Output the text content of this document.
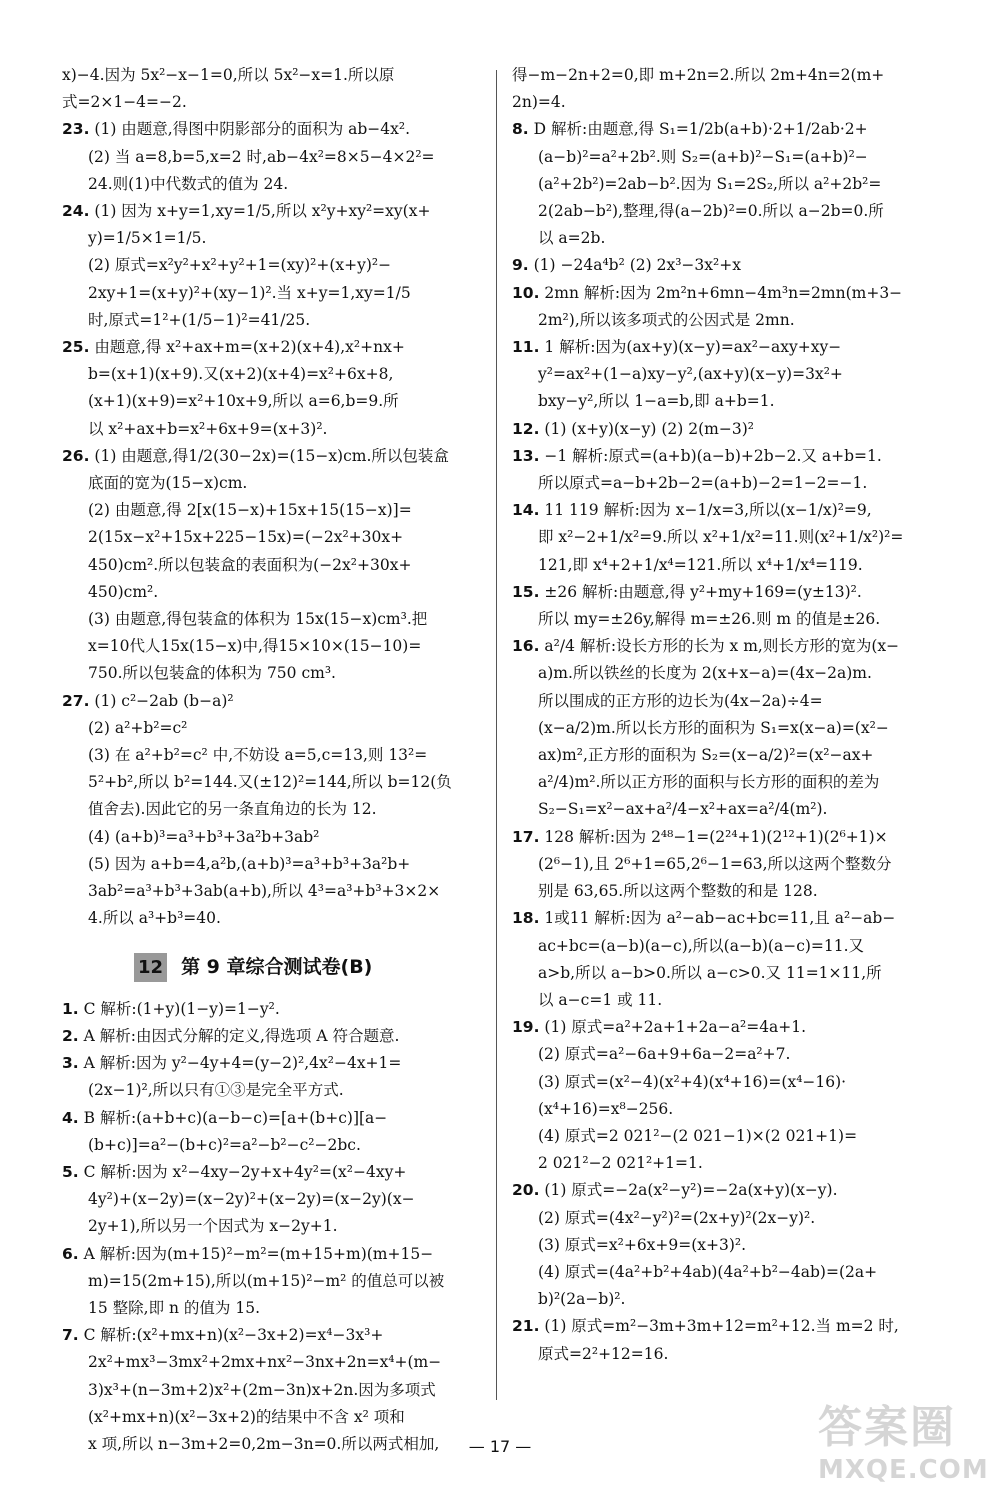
x)−4.因为 5x²−x−1=0,所以 5x²−x=1.所以原
式=2×1−4=−2.
23. (1) 由题意,得图中阴影部分的面积为 ab−4x².
(2) 当 a=8,b=5,x=2 时,ab−4x²=8×5−4×2²=
24.则(1)中代数式的值为 24.
24. (1) 因为 x+y=1,xy=1/5,所以 x²y+xy²=xy(x+
y)=1/5×1=1/5.
(2) 原式=x²y²+x²+y²+1=(xy)²+(x+y)²−
2xy+1=(x+y)²+(xy−1)².当 x+y=1,xy=1/5
时,原式=1²+(1/5−1)²=41/25.
25. 由题意,得 x²+ax+m=(x+2)(x+4),x²+nx+
b=(x+1)(x+9).又(x+2)(x+4)=x²+6x+8,
(x+1)(x+9)=x²+10x+9,所以 a=6,b=9.所
以 x²+ax+b=x²+6x+9=(x+3)².
26. (1) 由题意,得1/2(30−2x)=(15−x)cm.所以包装盒
底面的宽为(15−x)cm.
(2) 由题意,得 2[x(15−x)+15x+15(15−x)]=
2(15x−x²+15x+225−15x)=(−2x²+30x+
450)cm².所以包装盒的表面积为(−2x²+30x+
450)cm².
(3) 由题意,得包装盒的体积为 15x(15−x)cm³.把
x=10代人15x(15−x)中,得15×10×(15−10)=
750.所以包装盒的体积为 750 cm³.
27. (1) c²−2ab (b−a)²
(2) a²+b²=c²
(3) 在 a²+b²=c² 中,不妨设 a=5,c=13,则 13²=
5²+b²,所以 b²=144.又(±12)²=144,所以 b=12(负
值舍去).因此它的另一条直角边的长为 12.
(4) (a+b)³=a³+b³+3a²b+3ab²
(5) 因为 a+b=4,a²b,(a+b)³=a³+b³+3a²b+
3ab²=a³+b³+3ab(a+b),所以 4³=a³+b³+3×2×
4.所以 a³+b³=40.
12 第 9 章综合测试卷(B)
1. C 解析:(1+y)(1−y)=1−y².
2. A 解析:由因式分解的定义,得选项 A 符合题意.
3. A 解析:因为 y²−4y+4=(y−2)²,4x²−4x+1=
(2x−1)²,所以只有①③是完全平方式.
4. B 解析:(a+b+c)(a−b−c)=[a+(b+c)][a−
(b+c)]=a²−(b+c)²=a²−b²−c²−2bc.
5. C 解析:因为 x²−4xy−2y+x+4y²=(x²−4xy+
4y²)+(x−2y)=(x−2y)²+(x−2y)=(x−2y)(x−
2y+1),所以另一个因式为 x−2y+1.
6. A 解析:因为(m+15)²−m²=(m+15+m)(m+15−
m)=15(2m+15),所以(m+15)²−m² 的值总可以被
15 整除,即 n 的值为 15.
7. C 解析:(x²+mx+n)(x²−3x+2)=x⁴−3x³+
2x²+mx³−3mx²+2mx+nx²−3nx+2n=x⁴+(m−
3)x³+(n−3m+2)x²+(2m−3n)x+2n.因为多项式
(x²+mx+n)(x²−3x+2)的结果中不含 x² 项和
x 项,所以 n−3m+2=0,2m−3n=0.所以两式相加,
得−m−2n+2=0,即 m+2n=2.所以 2m+4n=2(m+
2n)=4.
8. D 解析:由题意,得 S₁=1/2b(a+b)·2+1/2ab·2+
(a−b)²=a²+2b².则 S₂=(a+b)²−S₁=(a+b)²−
(a²+2b²)=2ab−b².因为 S₁=2S₂,所以 a²+2b²=
2(2ab−b²),整理,得(a−2b)²=0.所以 a−2b=0.所
以 a=2b.
9. (1) −24a⁴b² (2) 2x³−3x²+x
10. 2mn 解析:因为 2m²n+6mn−4m³n=2mn(m+3−
2m²),所以该多项式的公因式是 2mn.
11. 1 解析:因为(ax+y)(x−y)=ax²−axy+xy−
y²=ax²+(1−a)xy−y²,(ax+y)(x−y)=3x²+
bxy−y²,所以 1−a=b,即 a+b=1.
12. (1) (x+y)(x−y) (2) 2(m−3)²
13. −1 解析:原式=(a+b)(a−b)+2b−2.又 a+b=1.
所以原式=a−b+2b−2=(a+b)−2=1−2=−1.
14. 11 119 解析:因为 x−1/x=3,所以(x−1/x)²=9,
即 x²−2+1/x²=9.所以 x²+1/x²=11.则(x²+1/x²)²=
121,即 x⁴+2+1/x⁴=121.所以 x⁴+1/x⁴=119.
15. ±26 解析:由题意,得 y²+my+169=(y±13)².
所以 my=±26y,解得 m=±26.则 m 的值是±26.
16. a²/4 解析:设长方形的长为 x m,则长方形的宽为(x−
a)m.所以铁丝的长度为 2(x+x−a)=(4x−2a)m.
所以围成的正方形的边长为(4x−2a)÷4=
(x−a/2)m.所以长方形的面积为 S₁=x(x−a)=(x²−
ax)m²,正方形的面积为 S₂=(x−a/2)²=(x²−ax+
a²/4)m².所以正方形的面积与长方形的面积的差为
S₂−S₁=x²−ax+a²/4−x²+ax=a²/4(m²).
17. 128 解析:因为 2⁴⁸−1=(2²⁴+1)(2¹²+1)(2⁶+1)×
(2⁶−1),且 2⁶+1=65,2⁶−1=63,所以这两个整数分
别是 63,65.所以这两个整数的和是 128.
18. 1或11 解析:因为 a²−ab−ac+bc=11,且 a²−ab−
ac+bc=(a−b)(a−c),所以(a−b)(a−c)=11.又
a>b,所以 a−b>0.所以 a−c>0.又 11=1×11,所
以 a−c=1 或 11.
19. (1) 原式=a²+2a+1+2a−a²=4a+1.
(2) 原式=a²−6a+9+6a−2=a²+7.
(3) 原式=(x²−4)(x²+4)(x⁴+16)=(x⁴−16)·
(x⁴+16)=x⁸−256.
(4) 原式=2 021²−(2 021−1)×(2 021+1)=
2 021²−2 021²+1=1.
20. (1) 原式=−2a(x²−y²)=−2a(x+y)(x−y).
(2) 原式=(4x²−y²)²=(2x+y)²(2x−y)².
(3) 原式=x²+6x+9=(x+3)².
(4) 原式=(4a²+b²+4ab)(4a²+b²−4ab)=(2a+
b)²(2a−b)².
21. (1) 原式=m²−3m+3m+12=m²+12.当 m=2 时,
原式=2²+12=16.
— 17 —	答案圈
MXQE.COM
